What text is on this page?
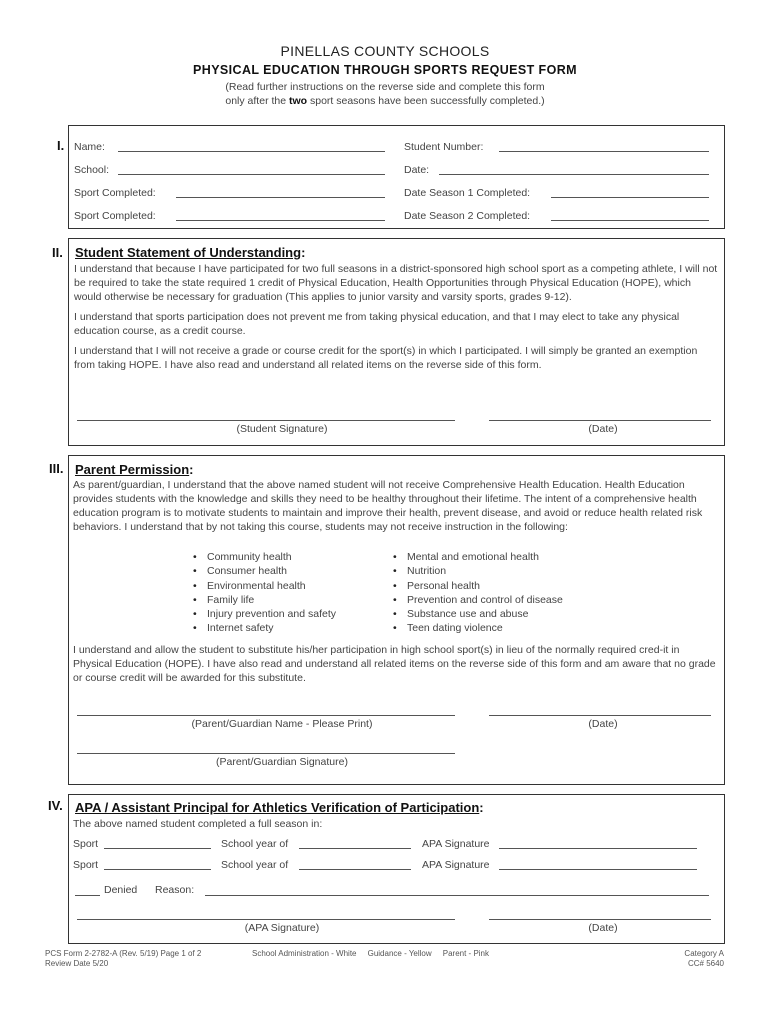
PINELLAS COUNTY SCHOOLS
PHYSICAL EDUCATION THROUGH SPORTS REQUEST FORM
(Read further instructions on the reverse side and complete this form
only after the two sport seasons have been successfully completed.)
I. Name:	Student Number:
School:	Date:
Sport Completed:	Date Season 1 Completed:
Sport Completed:	Date Season 2 Completed:
II. Student Statement of Understanding:

I understand that because I have participated for two full seasons in a district-sponsored high school sport as a competing athlete, I will not be required to take the state required 1 credit of Physical Education, Health Opportunities through Physical Education (HOPE), which would otherwise be necessary for graduation (This applies to junior varsity and varsity sports, grades 9-12).

I understand that sports participation does not prevent me from taking physical education, and that I may elect to take any physical education course, as a credit course.

I understand that I will not receive a grade or course credit for the sport(s) in which I participated. I will simply be granted an exemption from taking HOPE. I have also read and understand all related items on the reverse side of this form.

(Student Signature)	(Date)
III. Parent Permission:
As parent/guardian, I understand that the above named student will not receive Comprehensive Health Education. Health Education provides students with the knowledge and skills they need to be healthy throughout their lifetime. The intent of a comprehensive health education program is to motivate students to maintain and improve their health, prevent disease, and avoid or reduce health related risk behaviors. I understand that by not taking this course, students may not receive instruction in the following:
• Community health
• Consumer health
• Environmental health
• Family life
• Injury prevention and safety
• Internet safety
• Mental and emotional health
• Nutrition
• Personal health
• Prevention and control of disease
• Substance use and abuse
• Teen dating violence
I understand and allow the student to substitute his/her participation in high school sport(s) in lieu of the normally required cred-it in Physical Education (HOPE). I have also read and understand all related items on the reverse side of this form and am aware that no grade or course credit will be awarded for this substitute.
(Parent/Guardian Name - Please Print)	(Date)
(Parent/Guardian Signature)
IV. APA / Assistant Principal for Athletics Verification of Participation:
The above named student completed a full season in:
Sport	School year of	APA Signature
Sport	School year of	APA Signature
Denied Reason:
(APA Signature)	(Date)
PCS Form 2-2782-A (Rev. 5/19) Page 1 of 2
Review Date 5/20
School Administration - White     Guidance - Yellow     Parent - Pink	Category A
CC# 5640
